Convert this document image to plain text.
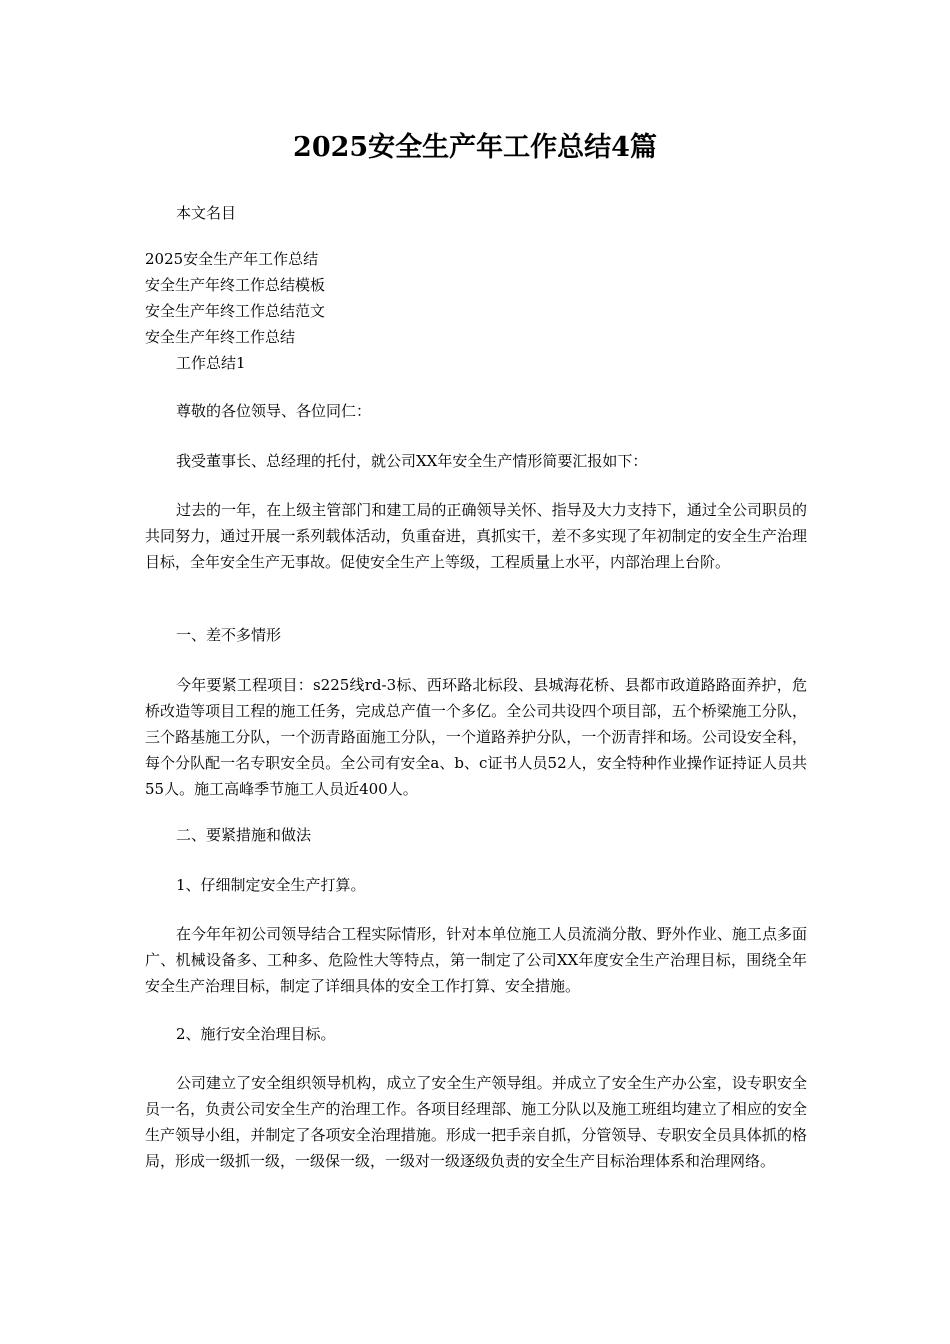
2025安全生产年工作总结4篇

本文名目

2025安全生产年工作总结

安全生产年终工作总结模板

安全生产年终工作总结范文

安全生产年终工作总结

工作总结1

尊敬的各位领导、各位同仁：

我受董事长、总经理的托付，就公司XX年安全生产情形简要汇报如下：

过去的一年，在上级主管部门和建工局的正确领导关怀、指导及大力支持下，通过全公司职员的共同努力，通过开展一系列载体活动，负重奋进，真抓实干，差不多实现了年初制定的安全生产治理目标，全年安全生产无事故。促使安全生产上等级，工程质量上水平，内部治理上台阶。

一、差不多情形

今年要紧工程项目：s225线rd-3标、西环路北标段、县城海花桥、县都市政道路路面养护，危桥改造等项目工程的施工任务，完成总产值一个多亿。全公司共设四个项目部，五个桥梁施工分队，三个路基施工分队，一个沥青路面施工分队，一个道路养护分队，一个沥青拌和场。公司设安全科，每个分队配一名专职安全员。全公司有安全a、b、c证书人员52人，安全特种作业操作证持证人员共55人。施工高峰季节施工人员近400人。

二、要紧措施和做法

1、仔细制定安全生产打算。

在今年年初公司领导结合工程实际情形，针对本单位施工人员流淌分散、野外作业、施工点多面广、机械设备多、工种多、危险性大等特点，第一制定了公司XX年度安全生产治理目标，围绕全年安全生产治理目标，制定了详细具体的安全工作打算、安全措施。

2、施行安全治理目标。

公司建立了安全组织领导机构，成立了安全生产领导组。并成立了安全生产办公室，设专职安全员一名，负责公司安全生产的治理工作。各项目经理部、施工分队以及施工班组均建立了相应的安全生产领导小组，并制定了各项安全治理措施。形成一把手亲自抓，分管领导、专职安全员具体抓的格局，形成一级抓一级，一级保一级，一级对一级逐级负责的安全生产目标治理体系和治理网络。
